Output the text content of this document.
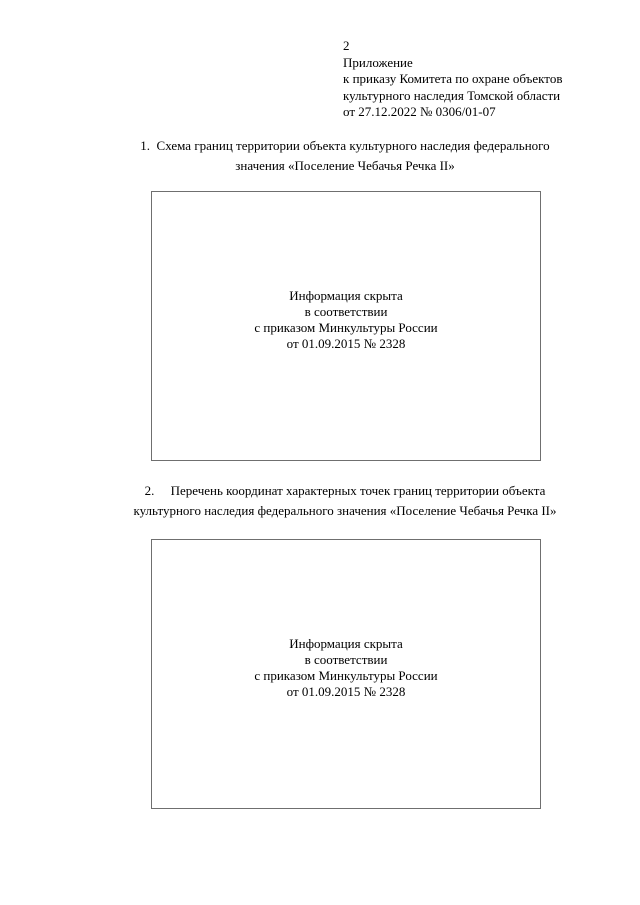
2
Приложение
к приказу Комитета по охране объектов
культурного наследия Томской области
от 27.12.2022 № 0306/01-07
1. Схема границ территории объекта культурного наследия федерального
значения «Поселение Чебачья Речка II»
Информация скрыта
в соответствии
с приказом Минкультуры России
от 01.09.2015 № 2328
2. Перечень координат характерных точек границ территории объекта
культурного наследия федерального значения «Поселение Чебачья Речка II»
Информация скрыта
в соответствии
с приказом Минкультуры России
от 01.09.2015 № 2328
